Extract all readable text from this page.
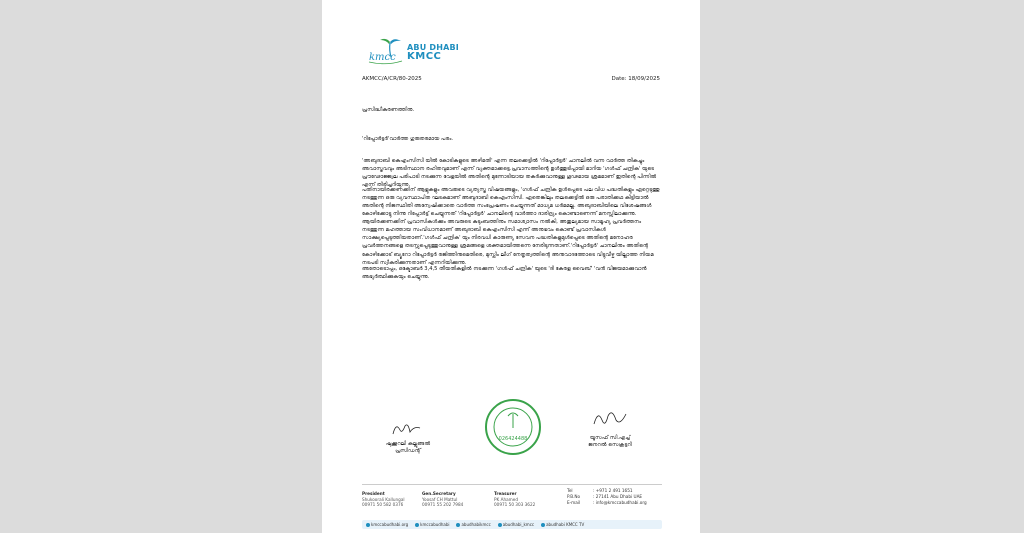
kmcc
ABU DHABI
KMCC
AKMCC/A/CR/80-2025	Date: 18/09/2025
പ്രസിദ്ധീകരണത്തിനു.
'റിപ്പോർട്ടർ'വാർത്ത ഗുരുതരമായ പരം.
'അബുദാബി കെഎംസിസി യിൽ കോടികളുടെ അഴിമതി' എന്ന തലക്കെട്ടിൽ 'റിപ്പോർട്ടർ' ചാനലിൽ വന്ന വാർത്ത തികച്ചും അവാസ്തവവും അടിസ്ഥാന രഹിതവുമാണ് എന്ന് വ്യക്തമാക്കട്ടെ.പ്രവാസത്തിന്റെ ഉൾത്തുടിപ്പായി മാറിയ 'ഗൾഫ് ചന്ദ്രിക' യുടെ പ്രൗഢോജ്ജ്വല പരിപാടി നടക്കുന്ന വേളയിൽ അതിന്റെ മുന്നോടിയായ തകർക്കുവാനുള്ള ഗൂഢമായ ശ്രമമാണ് ഇതിന്റെ പിന്നിൽ എന്ന് തിരിച്ചറിയുന്നു.
പതിനായിരക്കണക്കിന് ആളുകളും അവരുടെ വ്യത്യസ്ത വിഷയങ്ങളും, 'ഗൾഫ് ചന്ദ്രിക ഉൾപ്പെടെ പല വിധ പദ്ധതികളും ഏറ്റെടുത്തു നടത്തുന്ന ഒരു വ്യവസ്ഥാപിത ഘടകമാണ് അബുദാബി കെഎംസിസി. ഏതെങ്കിലും തലക്കെട്ടിൽ ഒരു പരാതിക്കഥ കിട്ടിയാൽ അതിന്റെ നിജസ്ഥിതി അന്വേഷിക്കാതെ വാർത്ത സംപ്രേഷണം ചെയ്യുന്നത് മാധ്യമ ധർമമല്ല. അബുദാബിയിലെ വിശേഷങ്ങൾ കോഴിക്കോട്ടു നിന്നു റിപ്പോർട്ട് ചെയ്യുന്നത് 'റിപ്പോർട്ടർ' ചാനലിന്റെ വാർത്താ ദാരിദ്ര്യം കൊണ്ടാണെന്ന് മനസ്സിലാക്കുന്നു. ആയിരക്കണക്കിന് പ്രവാസികൾക്കും അവരുടെ കുടുംബത്തിനും സമാശ്വാസം നൽകി, അതുല്യമായ സാമൂഹ്യ പ്രവർത്തനം നടത്തുന്ന മഹത്തായ സംവിധാനമാണ് അബുദാബി കെഎംസിസി എന്ന് അനുഭവം കൊണ്ട് പ്രവാസികൾ സാക്ഷ്യപ്പെടുത്തിയതാണ്.'ഗൾഫ് ചന്ദ്രിക' യും നിരവധി കാരുണ്യ സേവന പദ്ധതികളുമുൾപ്പെടെ അതിന്റെ മനോഹര പ്രവർത്തനങ്ങളെ തടസ്സപ്പെടുത്തുവാനുള്ള ശ്രമങ്ങളെ ശക്തമായിത്തന്നെ നേരിടുന്നതാണ്.'റിപ്പോർട്ടർ' ചാനലിനും അതിന്റെ കോഴിക്കോട് ബ്യൂറോ റിപ്പോർട്ടർ രജിത്തിനുമെതിരെ, മുസ്ലിം ലീഗ് നേതൃത്വത്തിന്റെ അനുവാദത്തോടെ വിട്ടുവീഴ്ച യില്ലാത്ത നിയമ നടപടി സ്വീകരിക്കുന്നതാണ് എന്നറിയിക്കുന്നു.
അതോടൊപ്പം, ഒക്ടോബർ 3,4,5 തീയതികളിൽ നടക്കുന്ന 'ഗൾഫ് ചന്ദ്രിക' യുടെ 'ദി കേരള വൈബ്' 'വൻ വിജയമാക്കുവാൻ അഭ്യർത്ഥിക്കുകയും ചെയ്യുന്നു.
ഷുക്കൂറലി കല്ലുങ്ങൽ
പ്രസിഡന്റ്
026424488	യൂസഫ് സി.എച്ച്
ജനറൽ സെക്രട്ടറി
President
Shukoorali Kallungal
00971 50 582 0376
Gen.Secretary
Yoosaf CH Mattul
00971 55 202 7984
Treasurer
PK Ahamed
00971 50 303 3622
Tel	: +971 2 491 1651
P.B.No	: 27141 Abu Dhabi UAE
E-mail	: info@kmccabudhabi.org
kmccabudhabi.org	kmccabudhabi	abudhabikmcc	abudhabi_kmcc	abudhabi KMCC TV
